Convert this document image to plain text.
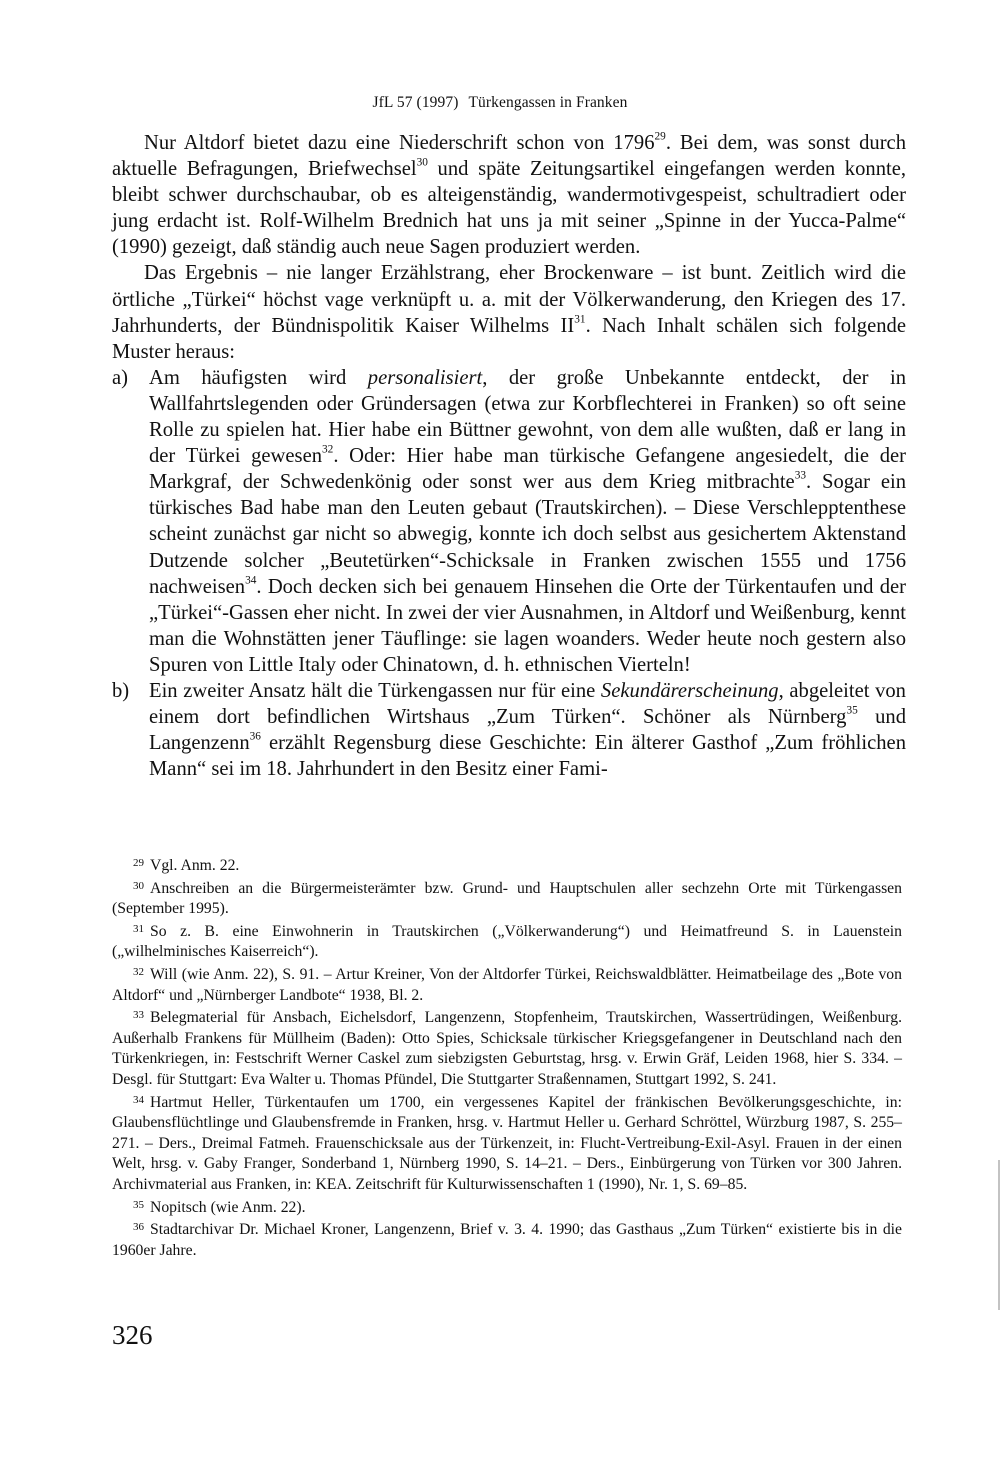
JfL 57 (1997) Türkengassen in Franken

Nur Altdorf bietet dazu eine Niederschrift schon von 1796$^{29}$. Bei dem, was sonst durch aktuelle Befragungen, Briefwechsel$^{30}$ und späte Zeitungsartikel eingefangen werden konnte, bleibt schwer durchschaubar, ob es alteigenständig, wandermotivgespeist, schultradiert oder jung erdacht ist. Rolf-Wilhelm Brednich hat uns ja mit seiner „Spinne in der Yucca-Palme“ (1990) gezeigt, daß ständig auch neue Sagen produziert werden.

Das Ergebnis – nie langer Erzählstrang, eher Brockenware – ist bunt. Zeitlich wird die örtliche „Türkei“ höchst vage verknüpft u. a. mit der Völkerwanderung, den Kriegen des 17. Jahrhunderts, der Bündnispolitik Kaiser Wilhelms II$^{31}$. Nach Inhalt schälen sich folgende Muster heraus:

a)	Am häufigsten wird personalisiert, der große Unbekannte entdeckt, der in Wallfahrtslegenden oder Gründersagen (etwa zur Korbflechterei in Franken) so oft seine Rolle zu spielen hat. Hier habe ein Büttner gewohnt, von dem alle wußten, daß er lang in der Türkei gewesen$^{32}$. Oder: Hier habe man türkische Gefangene angesiedelt, die der Markgraf, der Schwedenkönig oder sonst wer aus dem Krieg mitbrachte$^{33}$. Sogar ein türkisches Bad habe man den Leuten gebaut (Trautskirchen). – Diese Verschlepptenthese scheint zunächst gar nicht so abwegig, konnte ich doch selbst aus gesichertem Aktenstand Dutzende solcher „Beutetürken“-Schicksale in Franken zwischen 1555 und 1756 nachweisen$^{34}$. Doch decken sich bei genauem Hinsehen die Orte der Türkentaufen und der „Türkei“-Gassen eher nicht. In zwei der vier Ausnahmen, in Altdorf und Weißenburg, kennt man die Wohnstätten jener Täuflinge: sie lagen woanders. Weder heute noch gestern also Spuren von Little Italy oder Chinatown, d. h. ethnischen Vierteln!
b) Ein zweiter Ansatz hält die Türkengassen nur für eine Sekundärerscheinung, abgeleitet von einem dort befindlichen Wirtshaus „Zum Türken“. Schöner als Nürnberg$^{35}$ und Langenzenn$^{36}$ erzählt Regensburg diese Geschichte: Ein älterer Gasthof „Zum fröhlichen Mann“ sei im 18. Jahrhundert in den Besitz einer Fami-

29 Vgl. Anm. 22.

30 Anschreiben an die Bürgermeisterämter bzw. Grund- und Hauptschulen aller sechzehn Orte mit Türkengassen (September 1995).

31 So z. B. eine Einwohnerin in Trautskirchen („Völkerwanderung“) und Heimatfreund S. in Lauenstein („wilhelminisches Kaiserreich“).

32 Will (wie Anm. 22), S. 91. – Artur Kreiner, Von der Altdorfer Türkei, Reichswaldblätter. Heimatbeilage des „Bote von Altdorf“ und „Nürnberger Landbote“ 1938, Bl. 2.

33 Belegmaterial für Ansbach, Eichelsdorf, Langenzenn, Stopfenheim, Trautskirchen, Wassertrüdingen, Weißenburg. Außerhalb Frankens für Müllheim (Baden): Otto Spies, Schicksale türkischer Kriegsgefangener in Deutschland nach den Türkenkriegen, in: Festschrift Werner Caskel zum siebzigsten Geburtstag, hrsg. v. Erwin Gräf, Leiden 1968, hier S. 334. – Desgl. für Stuttgart: Eva Walter u. Thomas Pfündel, Die Stuttgarter Straßennamen, Stuttgart 1992, S. 241.

34 Hartmut Heller, Türkentaufen um 1700, ein vergessenes Kapitel der fränkischen Bevölkerungsgeschichte, in: Glaubensflüchtlinge und Glaubensfremde in Franken, hrsg. v. Hartmut Heller u. Gerhard Schröttel, Würzburg 1987, S. 255–271. – Ders., Dreimal Fatmeh. Frauenschicksale aus der Türkenzeit, in: Flucht-Vertreibung-Exil-Asyl. Frauen in der einen Welt, hrsg. v. Gaby Franger, Sonderband 1, Nürnberg 1990, S. 14–21. – Ders., Einbürgerung von Türken vor 300 Jahren. Archivmaterial aus Franken, in: KEA. Zeitschrift für Kulturwissenschaften 1 (1990), Nr. 1, S. 69–85.

35 Nopitsch (wie Anm. 22).

36 Stadtarchivar Dr. Michael Kroner, Langenzenn, Brief v. 3. 4. 1990; das Gasthaus „Zum Türken“ existierte bis in die 1960er Jahre.

326
